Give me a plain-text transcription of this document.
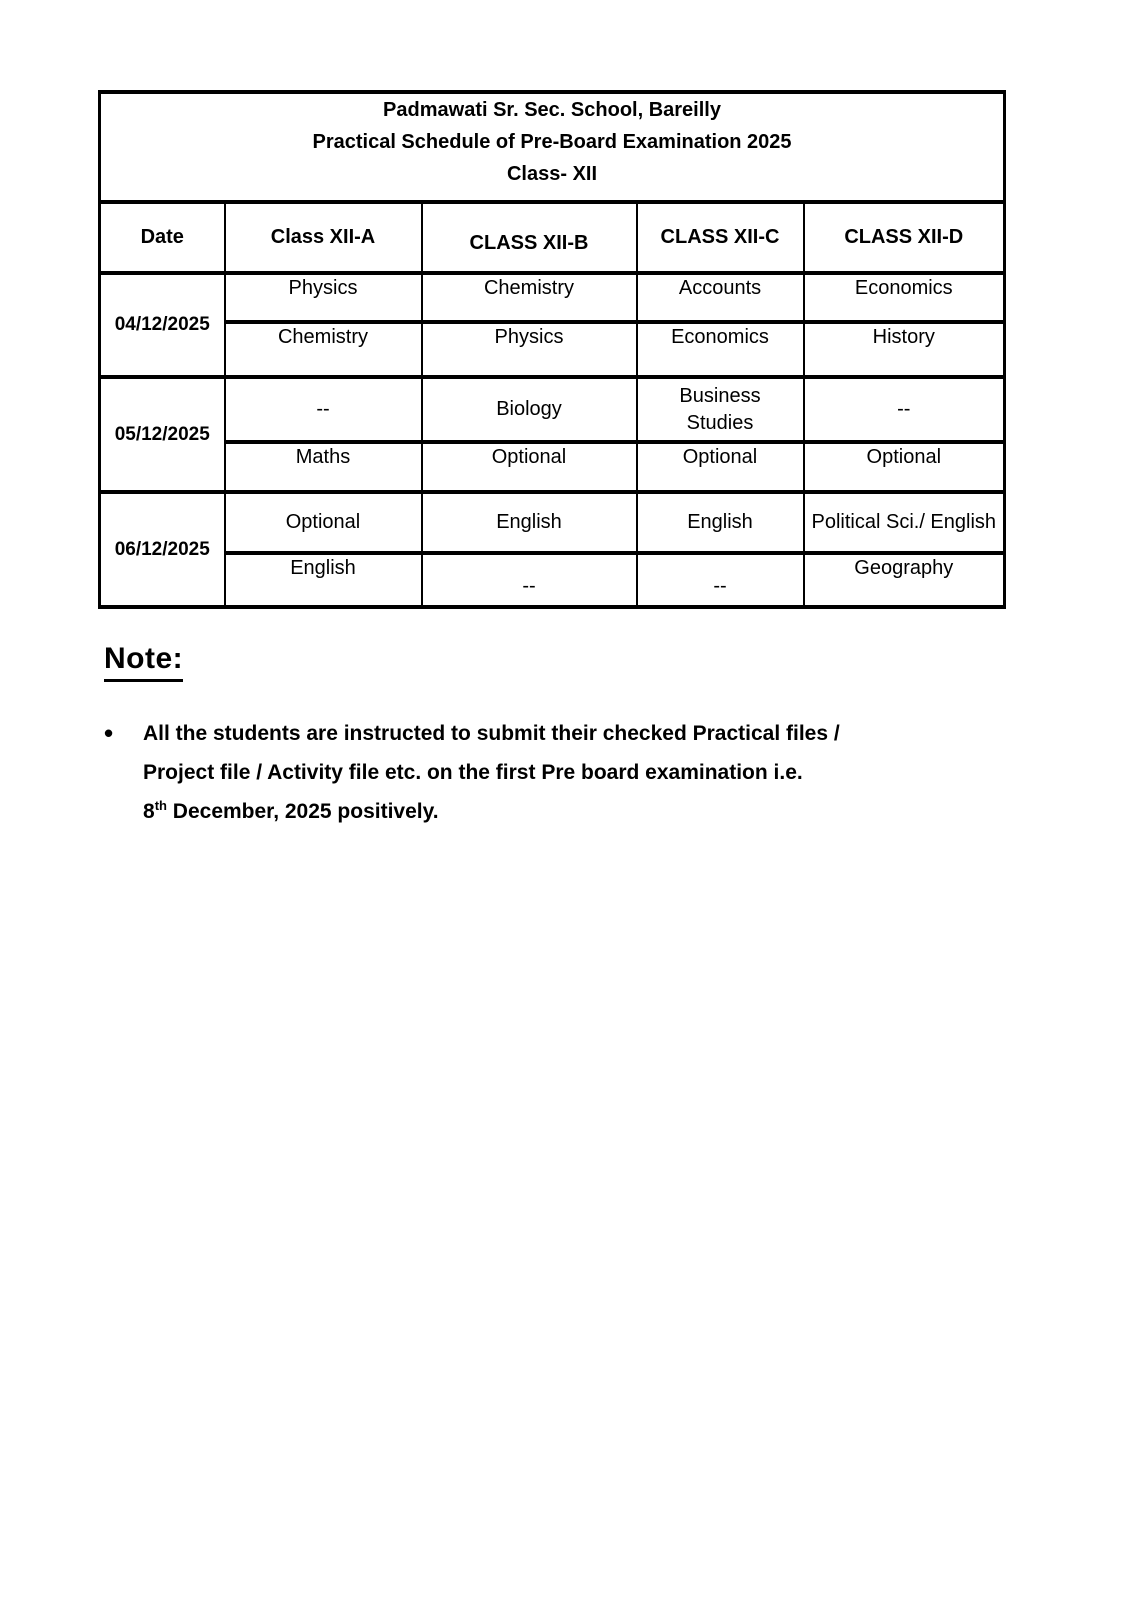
Padmawati Sr. Sec. School, Bareilly
Practical Schedule of Pre-Board Examination 2025
Class- XII				

Date	Class XII-A	CLASS XII-B	CLASS XII-C	CLASS XII-D
04/12/2025	Physics	Chemistry	Accounts	Economics
	Chemistry	Physics	Economics	History
05/12/2025	--	Biology	Business Studies	--
	Maths	Optional	Optional	Optional
06/12/2025	Optional	English	English	Political Sci./ English
	English	--	--	Geography
Note:
•	All the students are instructed to submit their checked Practical files /
Project file / Activity file etc. on the first Pre board examination i.e.
8th December, 2025 positively.
